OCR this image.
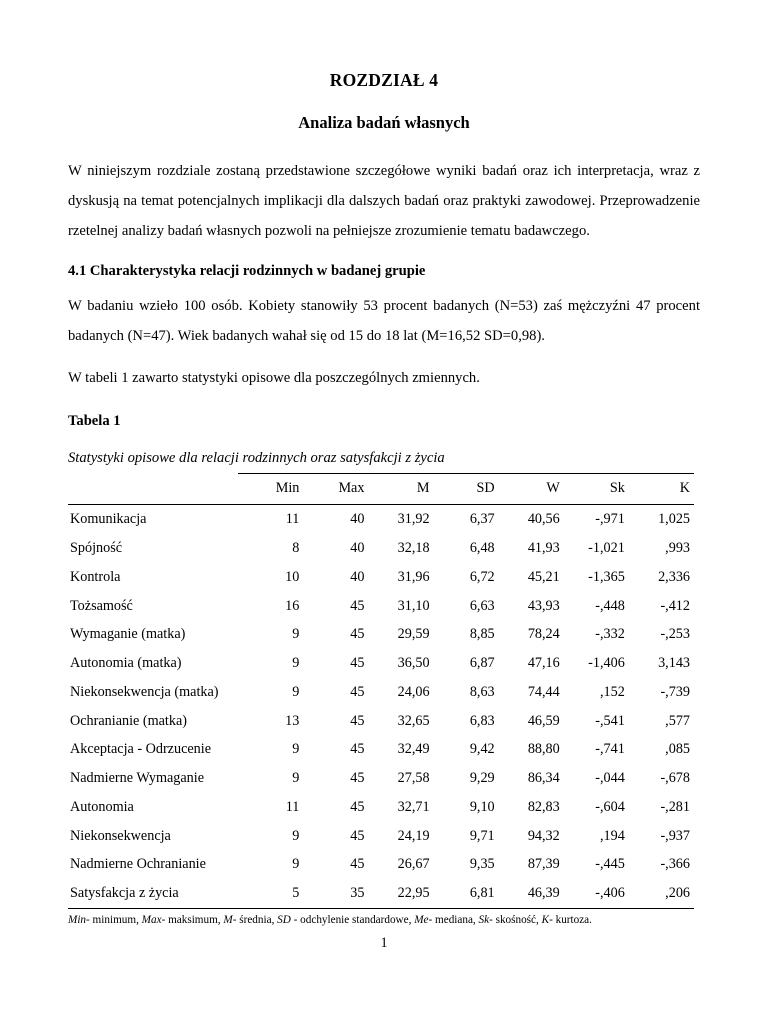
ROZDZIAŁ 4
Analiza badań własnych

W niniejszym rozdziale zostaną przedstawione szczegółowe wyniki badań oraz ich interpretacja, wraz z dyskusją na temat potencjalnych implikacji dla dalszych badań oraz praktyki zawodowej. Przeprowadzenie rzetelnej analizy badań własnych pozwoli na pełniejsze zrozumienie tematu badawczego.

4.1 Charakterystyka relacji rodzinnych w badanej grupie

W badaniu wzieło 100 osób. Kobiety stanowiły 53 procent badanych (N=53) zaś mężczyźni 47 procent badanych (N=47). Wiek badanych wahał się od 15 do 18 lat (M=16,52 SD=0,98).

W tabeli 1 zawarto statystyki opisowe dla poszczególnych zmiennych.

Tabela 1

Statystyki opisowe dla relacji rodzinnych oraz satysfakcji z życia

	Min	Max	M	SD	W	Sk	K
Komunikacja	11	40	31,92	6,37	40,56	-,971	1,025
Spójność	8	40	32,18	6,48	41,93	-1,021	,993
Kontrola	10	40	31,96	6,72	45,21	-1,365	2,336
Tożsamość	16	45	31,10	6,63	43,93	-,448	-,412
Wymaganie (matka)	9	45	29,59	8,85	78,24	-,332	-,253
Autonomia (matka)	9	45	36,50	6,87	47,16	-1,406	3,143
Niekonsekwencja (matka)	9	45	24,06	8,63	74,44	,152	-,739
Ochranianie (matka)	13	45	32,65	6,83	46,59	-,541	,577
Akceptacja - Odrzucenie	9	45	32,49	9,42	88,80	-,741	,085
Nadmierne Wymaganie	9	45	27,58	9,29	86,34	-,044	-,678
Autonomia	11	45	32,71	9,10	82,83	-,604	-,281
Niekonsekwencja	9	45	24,19	9,71	94,32	,194	-,937
Nadmierne Ochranianie	9	45	26,67	9,35	87,39	-,445	-,366
Satysfakcja z życia	5	35	22,95	6,81	46,39	-,406	,206

Min- minimum, Max- maksimum, M- średnia, SD - odchylenie standardowe, Me- mediana, Sk- skośność, K- kurtoza.

1
